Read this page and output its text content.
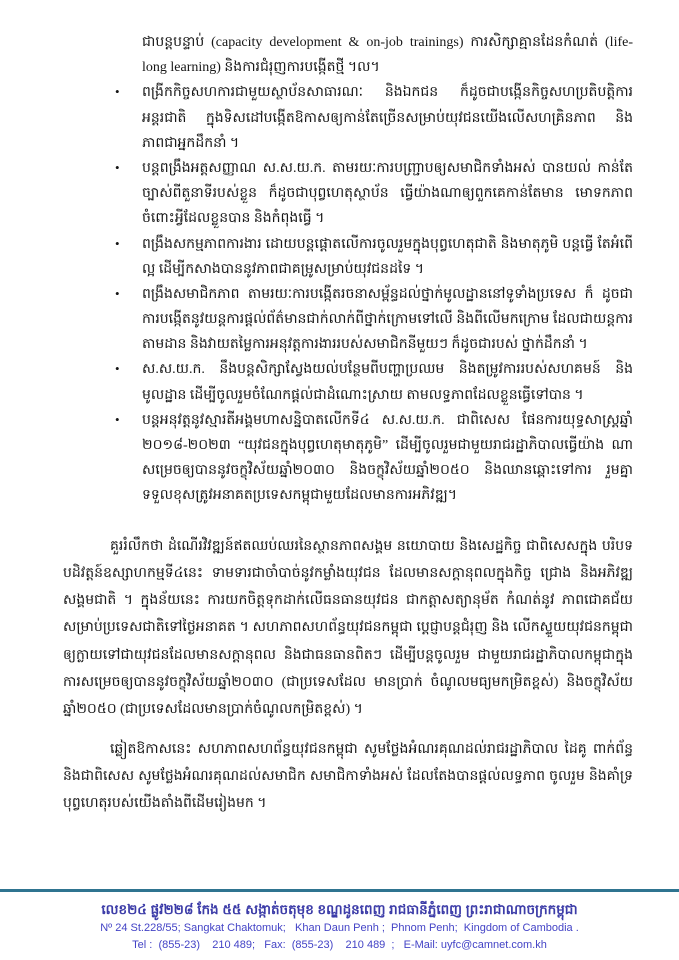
ជាបន្តបន្ទាប់ (capacity development & on-job trainings) ការសិក្សាគ្មានដែនកំណត់ (life-long learning) និងការជំរុញការបង្កើតថ្មី ។ល។

•	ពង្រីកកិច្ចសហការជាមួយស្ថាប័នសាធារណៈ និងឯកជន ក៏ដូចជាបង្កើនកិច្ចសហប្រតិបត្តិការ អន្តរជាតិ ក្នុងទិសដៅបង្កើតឱកាសឲ្យកាន់តែច្រើនសម្រាប់យុវជនយើងលើសហគ្រិនភាព និង ភាពជាអ្នកដឹកនាំ ។
•	បន្តពង្រឹងអត្តសញ្ញាណ ស.ស.យ.ក. តាមរយៈការបញ្ជ្រាបឲ្យសមាជិកទាំងអស់ បានយល់ កាន់តែច្បាស់ពីតួនាទីរបស់ខ្លួន ក៏ដូចជាបុព្វហេតុស្ថាប័ន ធ្វើយ៉ាងណាឲ្យពួកគេកាន់តែមាន មោទកភាពចំពោះអ្វីដែលខ្លួនបាន និងកំពុងធ្វើ ។
•	ពង្រឹងសកម្មភាពការងារ ដោយបន្តផ្តោតលើការចូលរួមក្នុងបុព្វហេតុជាតិ និងមាតុភូមិ បន្តធ្វើ តែអំពើល្អ ដើម្បីកសាងបាននូវភាពជាគម្រូសម្រាប់យុវជនដទៃ ។
•	ពង្រឹងសមាជិកភាព តាមរយៈការបង្កើតរចនាសម្ព័ន្ធដល់ថ្នាក់មូលដ្ឋាននៅទូទាំងប្រទេស ក៏ ដូចជាការបង្កើតនូវយន្តការផ្តល់ព័ត៌មានជាក់លាក់ពីថ្នាក់ក្រោមទៅលើ និងពីលើមកក្រោម ដែលជាយន្តការតាមដាន និងវាយតម្លៃការអនុវត្តការងាររបស់សមាជិកនីមួយៗ ក៏ដូចជារបស់ ថ្នាក់ដឹកនាំ ។
•	ស.ស.យ.ក. នឹងបន្តសិក្សាស្វែងយល់បន្ថែមពីបញ្ហាប្រឈម និងតម្រូវការរបស់សហគមន៍ និង មូលដ្ឋាន ដើម្បីចូលរួមចំណែកផ្តល់ជាដំណោះស្រាយ តាមលទ្ធភាពដែលខ្លួនធ្វើទៅបាន ។
•	បន្តអនុវត្តនូវស្មារតីអង្គមហាសន្និបាតលើកទី៤ ស.ស.យ.ក. ជាពិសេស ផែនការយុទ្ធសាស្ត្រឆ្នាំ ២០១៨-២០២៣ “យុវជនក្នុងបុព្វហេតុមាតុភូមិ” ដើម្បីចូលរួមជាមួយរាជរដ្ឋាភិបាលធ្វើយ៉ាង ណា សម្រេចឲ្យបាននូវចក្ខុវិស័យឆ្នាំ២០៣០ និងចក្ខុវិស័យឆ្នាំ២០៥០ និងឈានឆ្ពោះទៅការ រួមគ្នា ទទួលខុសត្រូវអនាគតប្រទេសកម្ពុជាមួយដែលមានការអភិវឌ្ឍ។

គួររំលឹកថា ដំណើរវិវឌ្ឍន៍ឥតឈប់ឈរនៃស្ថានភាពសង្គម នយោបាយ និងសេដ្ឋកិច្ច ជាពិសេសក្នុង បរិបទបដិវត្តន៍ឧស្សាហកម្មទី៤នេះ ទាមទារជាចាំបាច់នូវកម្លាំងយុវជន ដែលមានសក្តានុពលក្នុងកិច្ច ជ្រោង និងអភិវឌ្ឍសង្គមជាតិ ។ ក្នុងន័យនេះ ការយកចិត្តទុកដាក់លើធនធានយុវជន ជាកត្តាសត្យានុម័ត កំណត់នូវ ភាពជោគជ័យសម្រាប់ប្រទេសជាតិទៅថ្ងៃអនាគត ។ សហភាពសហព័ន្ធយុវជនកម្ពុជា ប្តេជ្ញាបន្តជំរុញ និង លើកស្ទួយយុវជនកម្ពុជាឲ្យក្លាយទៅជាយុវជនដែលមានសក្តានុពល និងជាធនធានពិតៗ ដើម្បីបន្តចូលរួម ជាមួយរាជរដ្ឋាភិបាលកម្ពុជាក្នុងការសម្រេចឲ្យបាននូវចក្ខុវិស័យឆ្នាំ២០៣០ (ជាប្រទេសដែល មានប្រាក់ ចំណូលមធ្យមកម្រិតខ្ពស់) និងចក្ខុវិស័យឆ្នាំ២០៥០ (ជាប្រទេសដែលមានប្រាក់ចំណូលកម្រិតខ្ពស់) ។

ឆ្លៀតឱកាសនេះ សហភាពសហព័ន្ធយុវជនកម្ពុជា សូមថ្លែងអំណរគុណដល់រាជរដ្ឋាភិបាល ដៃគូ ពាក់ព័ន្ធ និងជាពិសេស សូមថ្លែងអំណរគុណដល់សមាជិក សមាជិកាទាំងអស់ ដែលតែងបានផ្តល់លទ្ធភាព ចូលរួម និងគាំទ្របុព្វហេតុរបស់យើងតាំងពីដើមរៀងមក ។

លេខ២៤ ផ្លូវ២២៨ កែង ៥៥ សង្កាត់ចតុមុខ ខណ្ឌដូនពេញ រាជធានីភ្នំពេញ ព្រះរាជាណាចក្រកម្ពុជា
Nº 24 St.228/55; Sangkat Chaktomuk;   Khan Daun Penh ;  Phnom Penh;  Kingdom of Cambodia .
Tel :  (855-23)    210 489;   Fax:  (855-23)    210 489  ;   E-Mail: uyfc@camnet.com.kh
